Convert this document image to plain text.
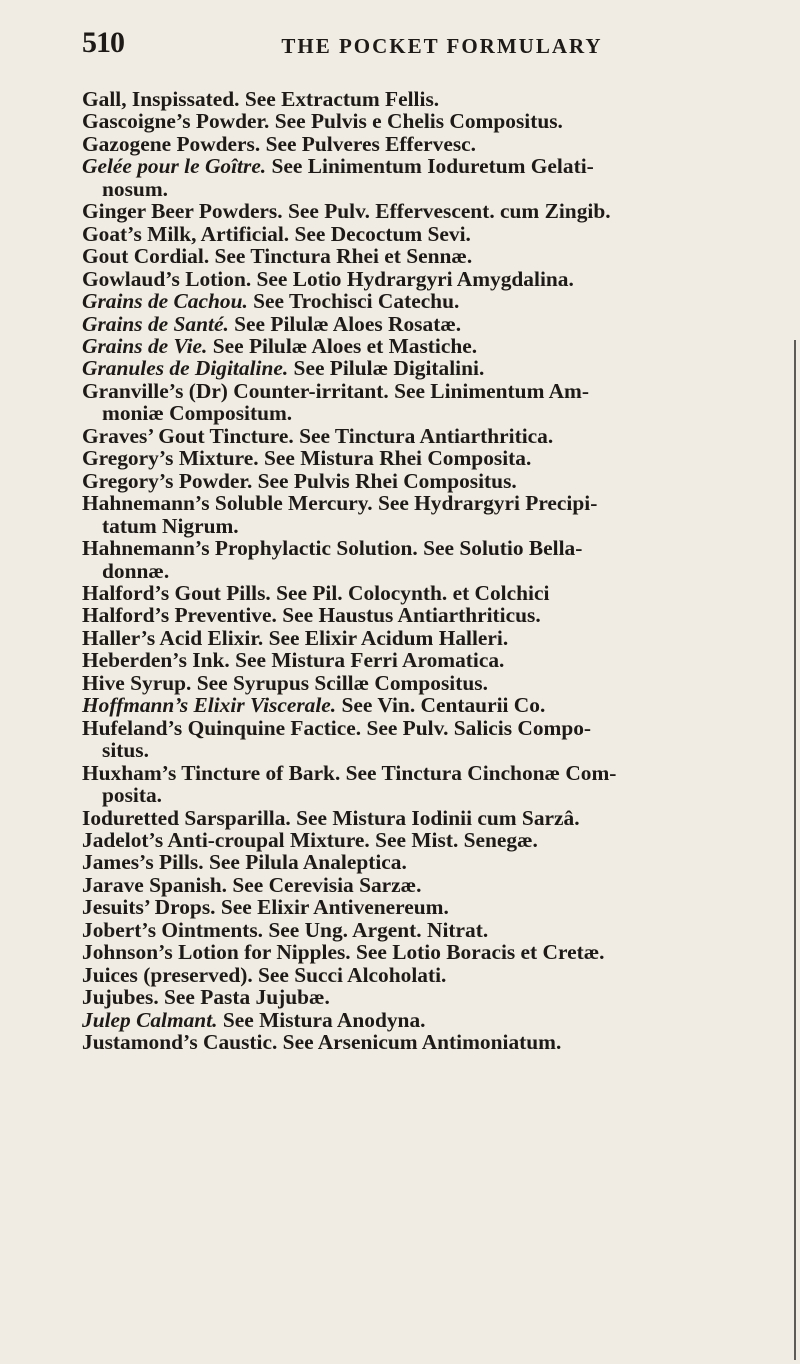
510	THE POCKET FORMULARY
Gall, Inspissated. See Extractum Fellis.
Gascoigne’s Powder. See Pulvis e Chelis Compositus.
Gazogene Powders. See Pulveres Effervesc.
Gelée pour le Goître. See Linimentum Ioduretum Gelati-
nosum.
Ginger Beer Powders. See Pulv. Effervescent. cum Zingib.
Goat’s Milk, Artificial. See Decoctum Sevi.
Gout Cordial. See Tinctura Rhei et Sennæ.
Gowlaud’s Lotion. See Lotio Hydrargyri Amygdalina.
Grains de Cachou. See Trochisci Catechu.
Grains de Santé. See Pilulæ Aloes Rosatæ.
Grains de Vie. See Pilulæ Aloes et Mastiche.
Granules de Digitaline. See Pilulæ Digitalini.
Granville’s (Dr) Counter-irritant. See Linimentum Am-
moniæ Compositum.
Graves’ Gout Tincture. See Tinctura Antiarthritica.
Gregory’s Mixture. See Mistura Rhei Composita.
Gregory’s Powder. See Pulvis Rhei Compositus.
Hahnemann’s Soluble Mercury. See Hydrargyri Precipi-
tatum Nigrum.
Hahnemann’s Prophylactic Solution. See Solutio Bella-
donnæ.
Halford’s Gout Pills. See Pil. Colocynth. et Colchici
Halford’s Preventive. See Haustus Antiarthriticus.
Haller’s Acid Elixir. See Elixir Acidum Halleri.
Heberden’s Ink. See Mistura Ferri Aromatica.
Hive Syrup. See Syrupus Scillæ Compositus.
Hoffmann’s Elixir Viscerale. See Vin. Centaurii Co.
Hufeland’s Quinquine Factice. See Pulv. Salicis Compo-
situs.
Huxham’s Tincture of Bark. See Tinctura Cinchonæ Com-
posita.
Ioduretted Sarsparilla. See Mistura Iodinii cum Sarzâ.
Jadelot’s Anti-croupal Mixture. See Mist. Senegæ.
James’s Pills. See Pilula Analeptica.
Jarave Spanish. See Cerevisia Sarzæ.
Jesuits’ Drops. See Elixir Antivenereum.
Jobert’s Ointments. See Ung. Argent. Nitrat.
Johnson’s Lotion for Nipples. See Lotio Boracis et Cretæ.
Juices (preserved). See Succi Alcoholati.
Jujubes. See Pasta Jujubæ.
Julep Calmant. See Mistura Anodyna.
Justamond’s Caustic. See Arsenicum Antimoniatum.
